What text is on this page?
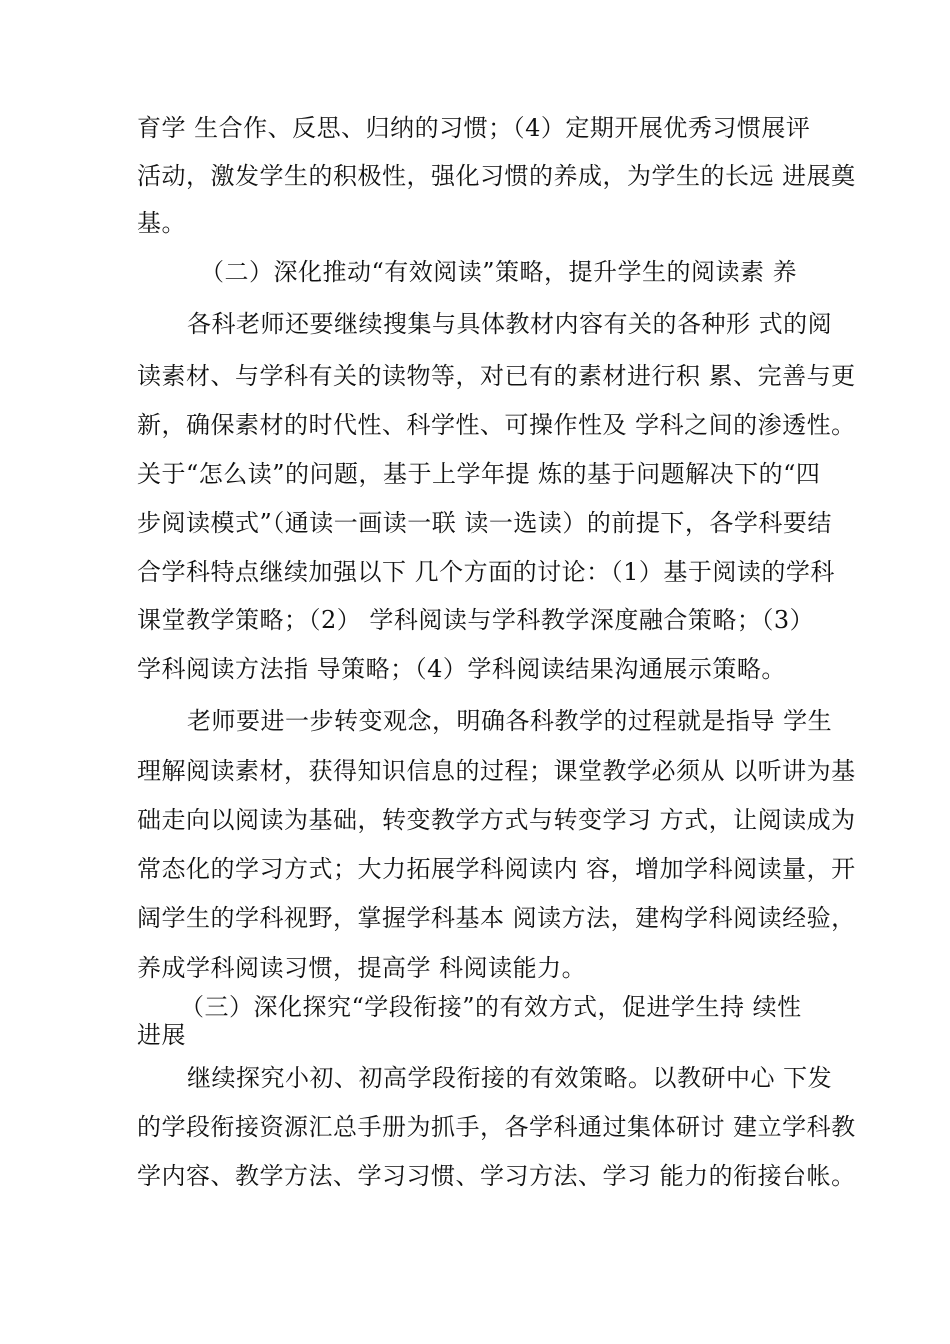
育学 生合作、反思、归纳的习惯；（4）定期开展优秀习惯展评
活动，激发学生的积极性，强化习惯的养成，为学生的长远 进展奠
基。
（二）深化推动“有效阅读”策略，提升学生的阅读素 养
各科老师还要继续搜集与具体教材内容有关的各种形 式的阅
读素材、与学科有关的读物等，对已有的素材进行积 累、完善与更
新，确保素材的时代性、科学性、可操作性及 学科之间的渗透性。
关于“怎么读”的问题，基于上学年提 炼的基于问题解决下的“四
步阅读模式”（通读一画读一联 读一选读）的前提下，各学科要结
合学科特点继续加强以下 几个方面的讨论：（1）基于阅读的学科
课堂教学策略；（2） 学科阅读与学科教学深度融合策略；（3）
学科阅读方法指 导策略；（4）学科阅读结果沟通展示策略。
老师要进一步转变观念，明确各科教学的过程就是指导 学生
理解阅读素材，获得知识信息的过程；课堂教学必须从 以听讲为基
础走向以阅读为基础，转变教学方式与转变学习 方式，让阅读成为
常态化的学习方式；大力拓展学科阅读内 容，增加学科阅读量，开
阔学生的学科视野，掌握学科基本 阅读方法，建构学科阅读经验，
养成学科阅读习惯，提高学 科阅读能力。
（三）深化探究“学段衔接”的有效方式，促进学生持 续性
进展
继续探究小初、初高学段衔接的有效策略。以教研中心 下发
的学段衔接资源汇总手册为抓手，各学科通过集体研讨 建立学科教
学内容、教学方法、学习习惯、学习方法、学习 能力的衔接台帐。
